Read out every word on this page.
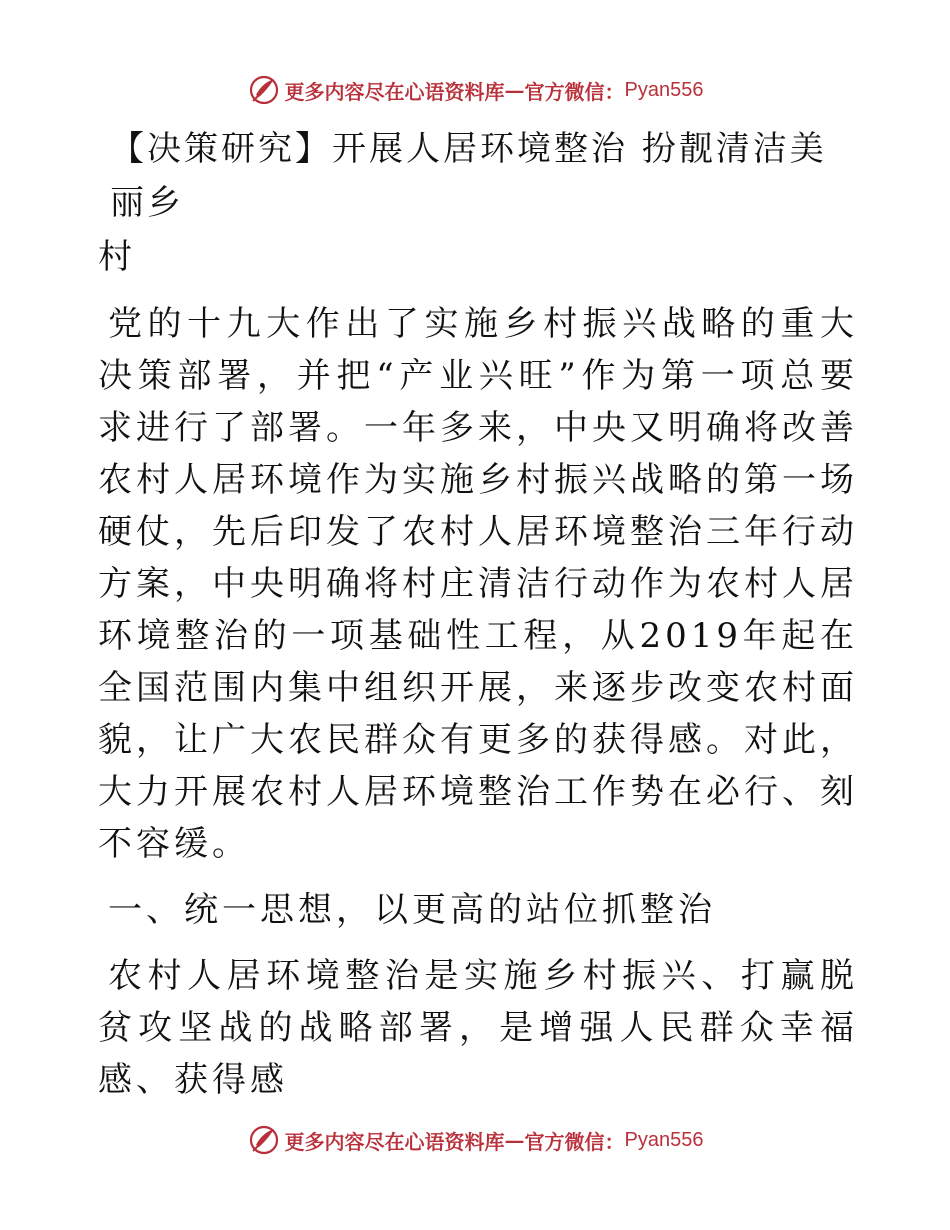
更多内容尽在心语资料库 — 官方微信： Pyan556
【决策研究】开展人居环境整治 扮靓清洁美丽乡
村

党的十九大作出了实施乡村振兴战略的重大决策部署，并把“产业兴旺”作为第一项总要求进行了部署。一年多来，中央又明确将改善农村人居环境作为实施乡村振兴战略的第一场硬仗，先后印发了农村人居环境整治三年行动方案，中央明确将村庄清洁行动作为农村人居环境整治的一项基础性工程，从2019年起在全国范围内集中组织开展，来逐步改变农村面貌，让广大农民群众有更多的获得感。对此，大力开展农村人居环境整治工作势在必行、刻不容缓。

一、统一思想，以更高的站位抓整治

农村人居环境整治是实施乡村振兴、打赢脱贫攻坚战的战略部署，是增强人民群众幸福感、获得感

更多内容尽在心语资料库 — 官方微信： Pyan556
